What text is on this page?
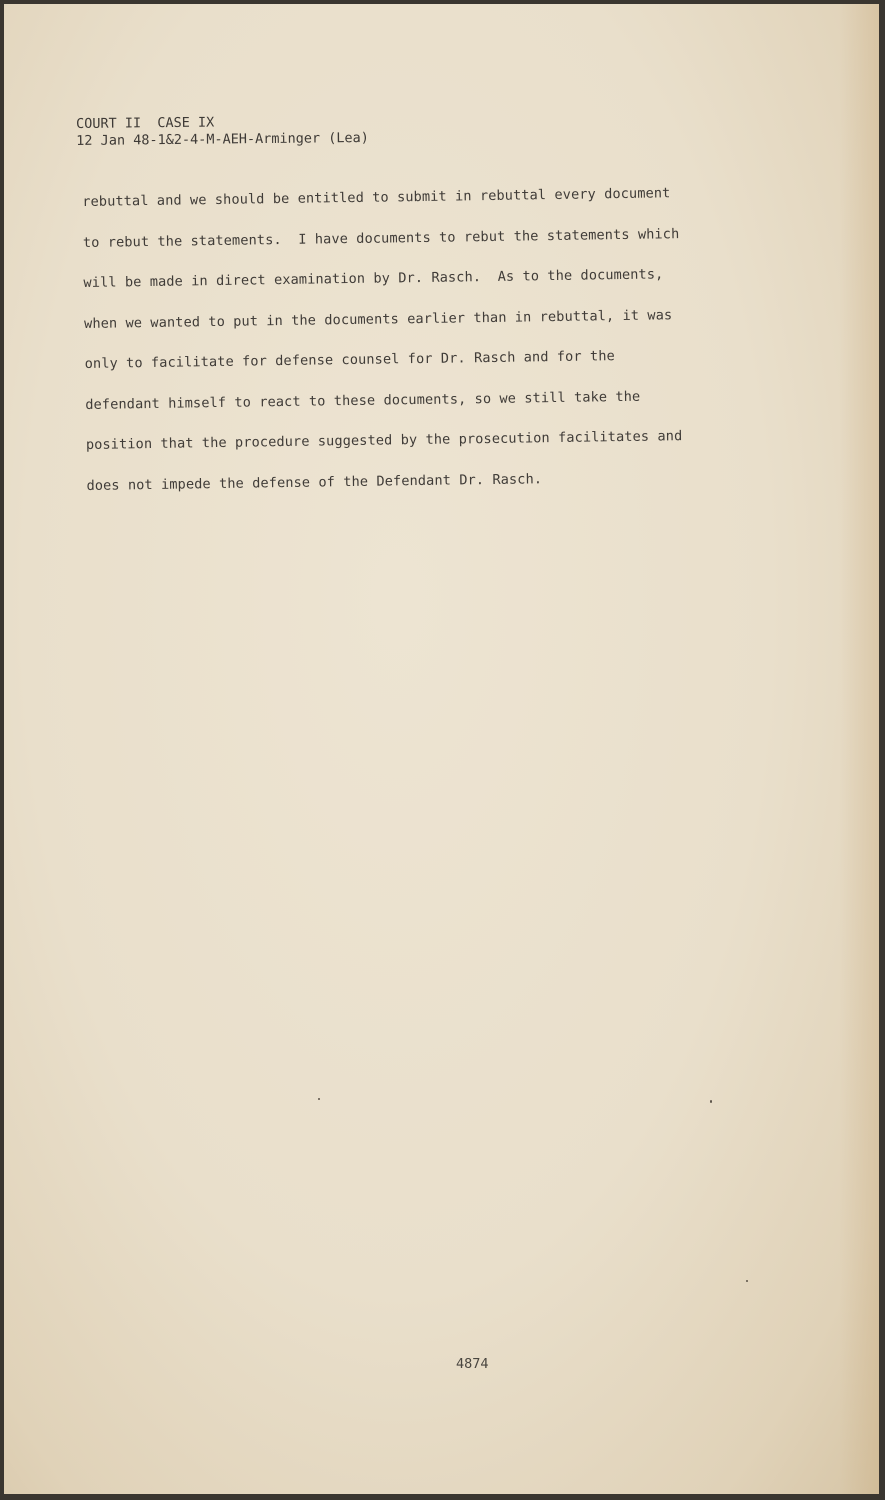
COURT II  CASE IX
12 Jan 48-1&2-4-M-AEH-Arminger (Lea)
rebuttal and we should be entitled to submit in rebuttal every document
to rebut the statements.  I have documents to rebut the statements which
will be made in direct examination by Dr. Rasch.  As to the documents,
when we wanted to put in the documents earlier than in rebuttal, it was
only to facilitate for defense counsel for Dr. Rasch and for the
defendant himself to react to these documents, so we still take the
position that the procedure suggested by the prosecution facilitates and
does not impede the defense of the Defendant Dr. Rasch.
4874
